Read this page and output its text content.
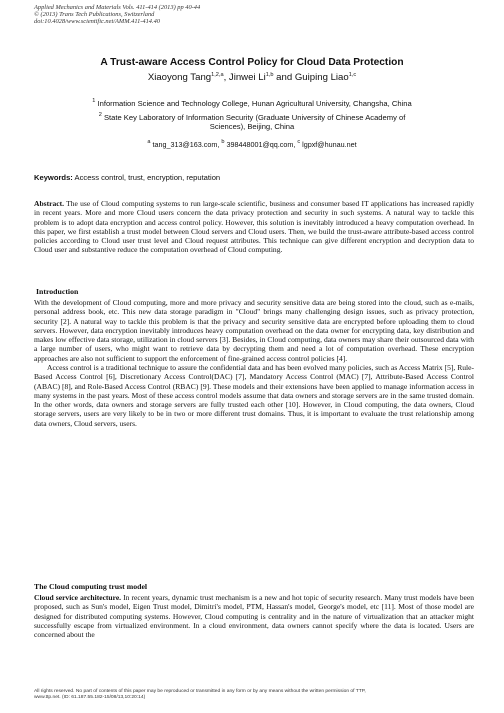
Applied Mechanics and Materials Vols. 411-414 (2013) pp 40-44
© (2013) Trans Tech Publications, Switzerland
doi:10.4028/www.scientific.net/AMM.411-414.40
A Trust-aware Access Control Policy for Cloud Data Protection
Xiaoyong Tang$^{1,2,a}$, Jinwei Li$^{1,b}$ and Guiping Liao$^{1,c}$
$^1$ Information Science and Technology College, Hunan Agricultural University, Changsha, China
$^2$ State Key Laboratory of Information Security (Graduate University of Chinese Academy of
Sciences), Beijing, China
$^a$ tang_313@163.com, $^b$ 398448001@qq.com, $^c$ lgpxf@hunau.net
Keywords: Access control, trust, encryption, reputation
Abstract. The use of Cloud computing systems to run large-scale scientific, business and consumer based IT applications has increased rapidly in recent years. More and more Cloud users concern the data privacy protection and security in such systems. A natural way to tackle this problem is to adopt data encryption and access control policy. However, this solution is inevitably introduced a heavy computation overhead. In this paper, we first establish a trust model between Cloud servers and Cloud users. Then, we build the trust-aware attribute-based access control policies according to Cloud user trust level and Cloud request attributes. This technique can give different encryption and decryption data to Cloud user and substantive reduce the computation overhead of Cloud computing.
Introduction

With the development of Cloud computing, more and more privacy and security sensitive data are being stored into the cloud, such as e-mails, personal address book, etc. This new data storage paradigm in "Cloud" brings many challenging design issues, such as privacy protection, security [2]. A natural way to tackle this problem is that the privacy and security sensitive data are encrypted before uploading them to cloud servers. However, data encryption inevitably introduces heavy computation overhead on the data owner for encrypting data, key distribution and makes low effective data storage, utilization in cloud servers [3]. Besides, in Cloud computing, data owners may share their outsourced data with a large number of users, who might want to retrieve data by decrypting them and need a lot of computation overhead. These encryption approaches are also not sufficient to support the enforcement of fine-grained access control policies [4].

Access control is a traditional technique to assure the confidential data and has been evolved many policies, such as Access Matrix [5], Rule-Based Access Control [6], Discretionary Access Control(DAC) [7], Mandatory Access Control (MAC) [7], Attribute-Based Access Control (ABAC) [8], and Role-Based Access Control (RBAC) [9]. These models and their extensions have been applied to manage information access in many systems in the past years. Most of these access control models assume that data owners and storage servers are in the same trusted domain. In the other words, data owners and storage servers are fully trusted each other [10]. However, in Cloud computing, the data owners, Cloud storage servers, users are very likely to be in two or more different trust domains. Thus, it is important to evaluate the trust relationship among data owners, Cloud servers, users.

The Cloud computing trust model
Cloud service architecture. In recent years, dynamic trust mechanism is a new and hot topic of security research. Many trust models have been proposed, such as Sun's model, Eigen Trust model, Dimitri's model, PTM, Hassan's model, George's model, etc [11]. Most of those model are designed for distributed computing systems. However, Cloud computing is centrality and in the nature of virtualization that an attacker might successfully escape from virtualized environment. In a cloud environment, data owners cannot specify where the data is located. Users are concerned about the
All rights reserved. No part of contents of this paper may be reproduced or transmitted in any form or by any means without the written permission of TTP,
www.ttp.net. (ID: 61.187.55.182-15/08/13,10:20:14)
